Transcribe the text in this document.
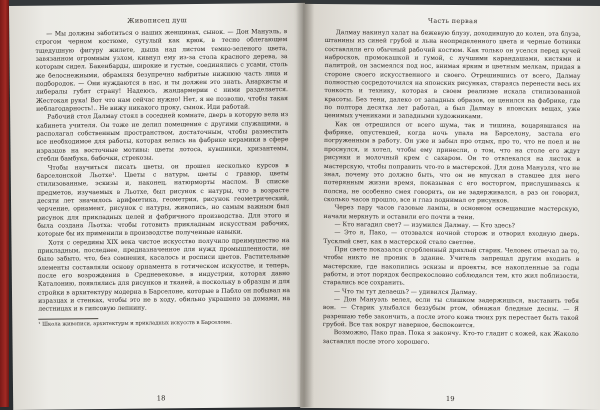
Живописец душ

— Мы должны заботиться о наших женщинах, сынок. — Дон Мануэль, в строгом черном костюме, сутулый как крюк, в тесно облегающем тщедушную фигуру жилете, дыша над листом темно-зеленого цвета, завязанном огромным узлом, кивнул ему из-за стола красного дерева, за которым сидел. Бакенбарды, широкие и густые, соединялись с усами, столь же белоснежными, обрамляя безупречно выбритые нижнюю часть лица и подбородок. — Они нуждаются в нас, и ты должен это знать. Анархисты и либералы губят страну! Надеюсь, жандармерии с ними разделается. Жестокая рука! Вот что нам сейчас нужно! Нет, я не позволю, чтобы такая неблагодарность!.. Не вижу никакого проку, сынок. Иди работай.

Рабочий стол Далмау стоял в соседней комнате, дверь в которую вела из кабинета учителя. Он тоже не делил помещение с другими служащими, а располагал собственным пространством, достаточным, чтобы разместить все необходимое для работы, которая велась на фабрике керамики в сфере изразцов на восточные мотивы: цветы лотоса, кувшинки, хризантемы, стебли бамбука, бабочки, стрекозы.

Чтобы научиться писать цветы, он прошел несколько курсов в барселонской Льотхе¹. Цветы с натуры, цветы с гравюр, цветы стилизованные, эскизы и, наконец, натюрморты маслом. В списке предметов, изучаемых в Льотхе, был рисунок с натуры, что в возрасте десяти лет значилось арифметика, геометрия, рисунок геометрический, черчение, орнамент, рисунок с натуры, живопись, но самым важным был рисунок для прикладных целей и фабричного производства. Для этого и была создана Льотха: чтобы готовить прикладным искусствам рабочих, которые бы их применили в производстве полученные навыки.

Хотя с середины XIX века чистое искусство получило преимущество на прикладным, последнее, предназначенное для нужд промышленности, не было забыто, что, без сомнения, касалось и росписи цветов. Растительные элементы составляли основу орнамента в готическом искусстве, и теперь, после его возрождения в Средневековье, в индустрии, которая давно Каталонию, появлялись для рисунков и тканей, а поскольку в образцы и для стройки в архитектуру модерна в Барселоне, которые в Пабло он побывал на изразцах и стенках, чтобы это не в ходу, обильно украшено за домами, на лестницах и в гипсовую лепнину.

¹ Школа живописи, архитектуры и прикладных искусств в Барселоне.
18
Часть первая

Далмау накинул халат на бежевую блузу, доходившую до колен, эта блуза, штанины из синей грубой и льна неопределенного цвета и черные ботинки составляли его обычный рабочий костюм. Как только он уселся перед кучей набросков, промокашкой и гумой, с лучшими карандашами, кистями и палитрой, он засмеялся под нос, внимая ярким и цветным мелкам, придая в стороне своего искусственного и своего. Отрешившись от всего, Далмау полностью сосредоточился на японских рисунках, стараясь перенести весь их тонкость и технику, которая в своем реализме искала стилизованной красоты. Без тени, далеко от западных образов, он ценился на фабрике, где по полтора десятка лет работал, а был Далмау в японских вещах, уже ценимых учениками и западными художниками.

Как он отрешился от всего шума, так и тишина, воцарявшаяся на фабрике, опустевшей, когда ночь упала на Барселону, застала его погруженным в работу. Он уже и забыл про отдых, про то, что не поел и не проснулся, и хотел, чтобы ему принесли, о том, что на столе его ждут рисунки и молочный крем с сахаром. Он то отвлекался на листок в мастерскую, чтобы поправить что-то в мастерской. Для дона Мануэля, что не знал, почему это должно быть, что он не впускал в ставшее для него потерянным жизни время, показывая с его восторгом, прислушиваясь к полсна, не особенно смея говорить, он не задерживался, а раз он говорил, сколько часов прошло, все и глаз поднимал от рисунков.

Через пару часов газовые лампы, в основном освещавшие мастерскую, начали меркнуть и оставили его почти в тени.

— Кто нагадил свет? — изумился Далмау. — Кто здесь?

— Это я, Пако, — отозвался ночной сторож и отворил входную дверь. Тусклый свет, как в мастерской стало светлее.

При свете показался сгорбленный дряхлый старик. Человек отвечал за то, чтобы никто не проник в здание. Учитель запрещал другим входить в мастерские, где накопились эскизы и проекты, все накопленные за годы работы, и этот порядок беспрекословно соблюдался тем, кто жил поблизости, старались все сохранить.

— Что ты тут делаешь? — удивился Далмау.

— Дон Мануэль велел, если ты слишком задержишься, выставить тебя вон. — Старик улыбался беззубым ртом, обнажая бледные десны. — Я разрешаю тебе закончить, а после этого кожа твоих рук перестает быть такой грубой. Все так вокруг наверное, беспокоится.

Возможно, Пако прав. Пока я закончу. Кто-то гладит с кожей, как Жаколо заставлял после этого хорошего.

19
